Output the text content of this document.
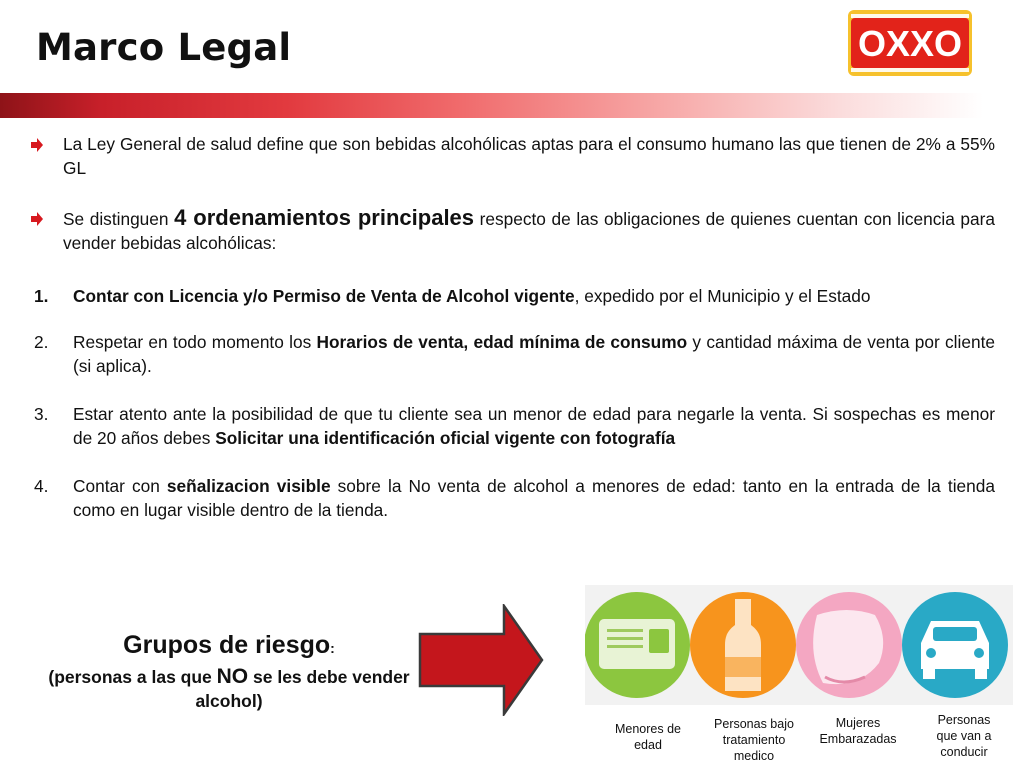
Marco Legal	OXXO
La Ley General de salud define que son bebidas alcohólicas aptas para el consumo humano las que tienen de 2% a 55% GL
Se distinguen 4 ordenamientos principales respecto de las obligaciones de quienes cuentan con licencia para vender bebidas alcohólicas:
1. Contar con Licencia y/o Permiso de Venta de Alcohol vigente, expedido por el Municipio y el Estado
2. Respetar en todo momento los Horarios de venta, edad mínima de consumo y cantidad máxima de venta por cliente (si aplica).
3. Estar atento ante la posibilidad de que tu cliente sea un menor de edad para negarle la venta. Si sospechas es menor de 20 años debes Solicitar una identificación oficial vigente con fotografía
4. Contar con señalizacion visible sobre la No venta de alcohol a menores de edad: tanto en la entrada de la tienda como en lugar visible dentro de la tienda.
Grupos de riesgo:
(personas a las que NO se les debe vender alcohol)
Menores de edad
Personas bajo tratamiento medico
Mujeres Embarazadas
Personas que van a conducir
